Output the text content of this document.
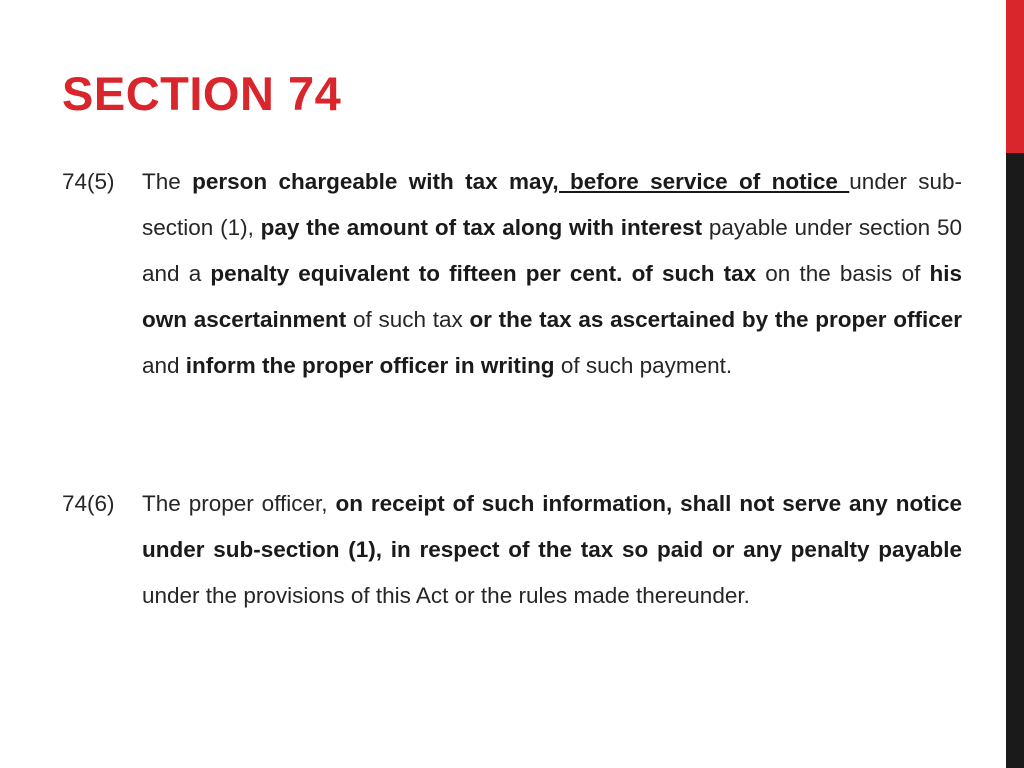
SECTION 74
74(5) The person chargeable with tax may, before service of notice under sub-section (1), pay the amount of tax along with interest payable under section 50 and a penalty equivalent to fifteen per cent. of such tax on the basis of his own ascertainment of such tax or the tax as ascertained by the proper officer and inform the proper officer in writing of such payment.

74(6) The proper officer, on receipt of such information, shall not serve any notice under sub-section (1), in respect of the tax so paid or any penalty payable under the provisions of this Act or the rules made thereunder.
